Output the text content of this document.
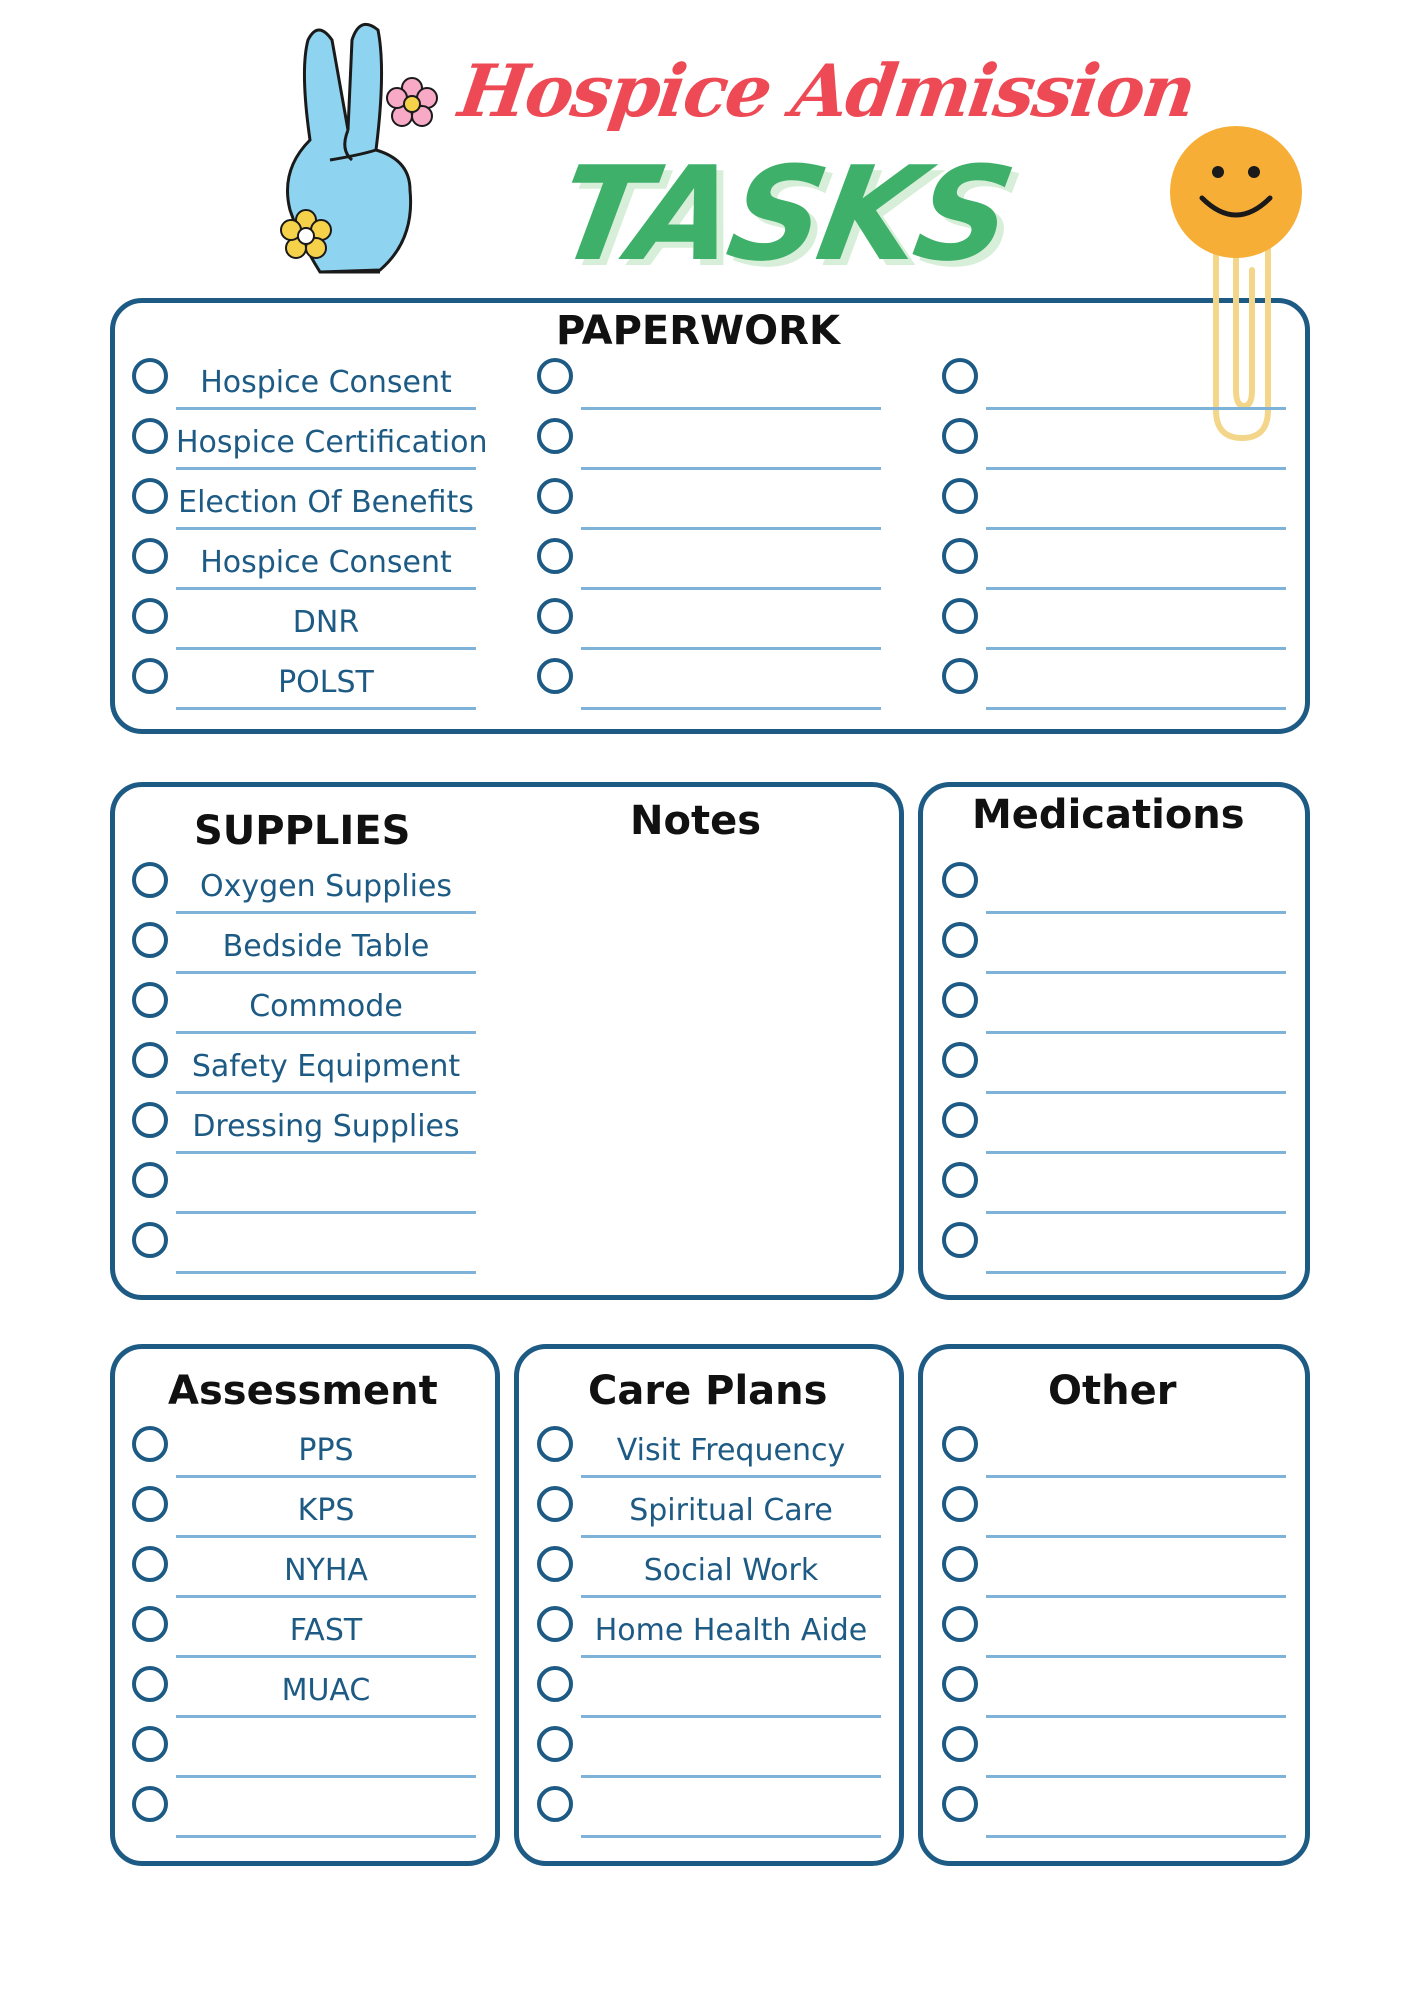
Hospice Admission
TASKS
PAPERWORK
SUPPLIES	Notes	Medications
Assessment	Care Plans	Other
Hospice Consent
Hospice Certification
Election Of Benefits
Hospice Consent
DNR
POLST
Oxygen Supplies
Bedside Table
Commode
Safety Equipment
Dressing Supplies
PPS
KPS
NYHA
FAST
MUAC
Visit Frequency
Spiritual Care
Social Work
Home Health Aide
